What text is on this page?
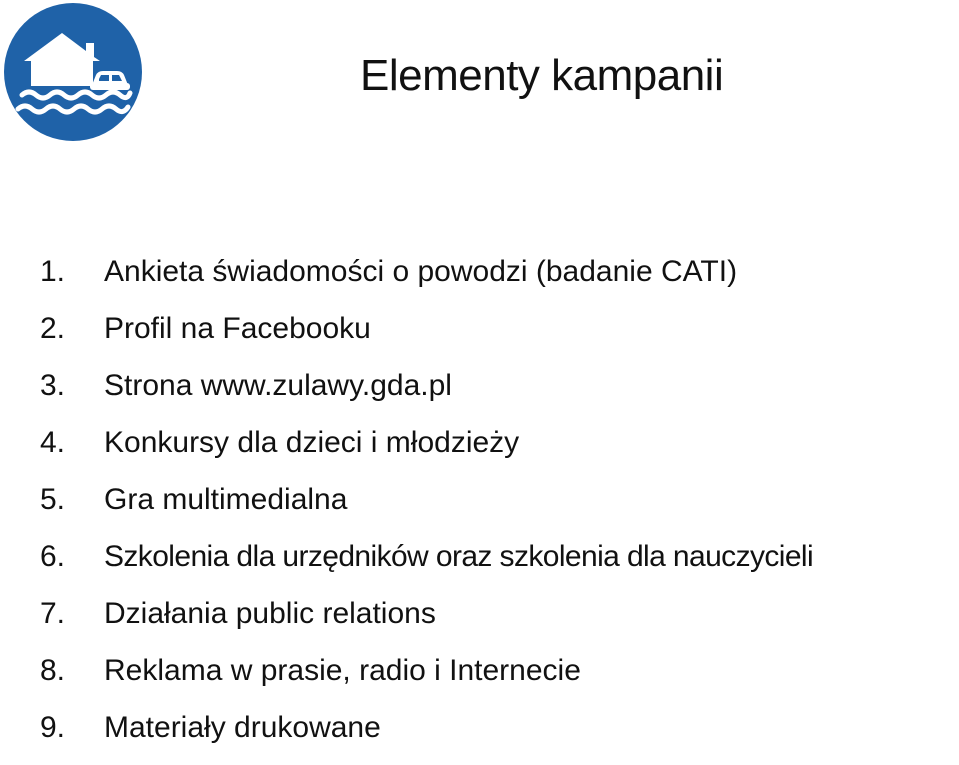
Elementy kampanii
1. Ankieta świadomości o powodzi (badanie CATI)
2. Profil na Facebooku
3. Strona www.zulawy.gda.pl
4. Konkursy dla dzieci i młodzieży
5. Gra multimedialna
6. Szkolenia dla urzędników oraz szkolenia dla nauczycieli
7. Działania public relations
8. Reklama w prasie, radio i Internecie
9. Materiały drukowane
